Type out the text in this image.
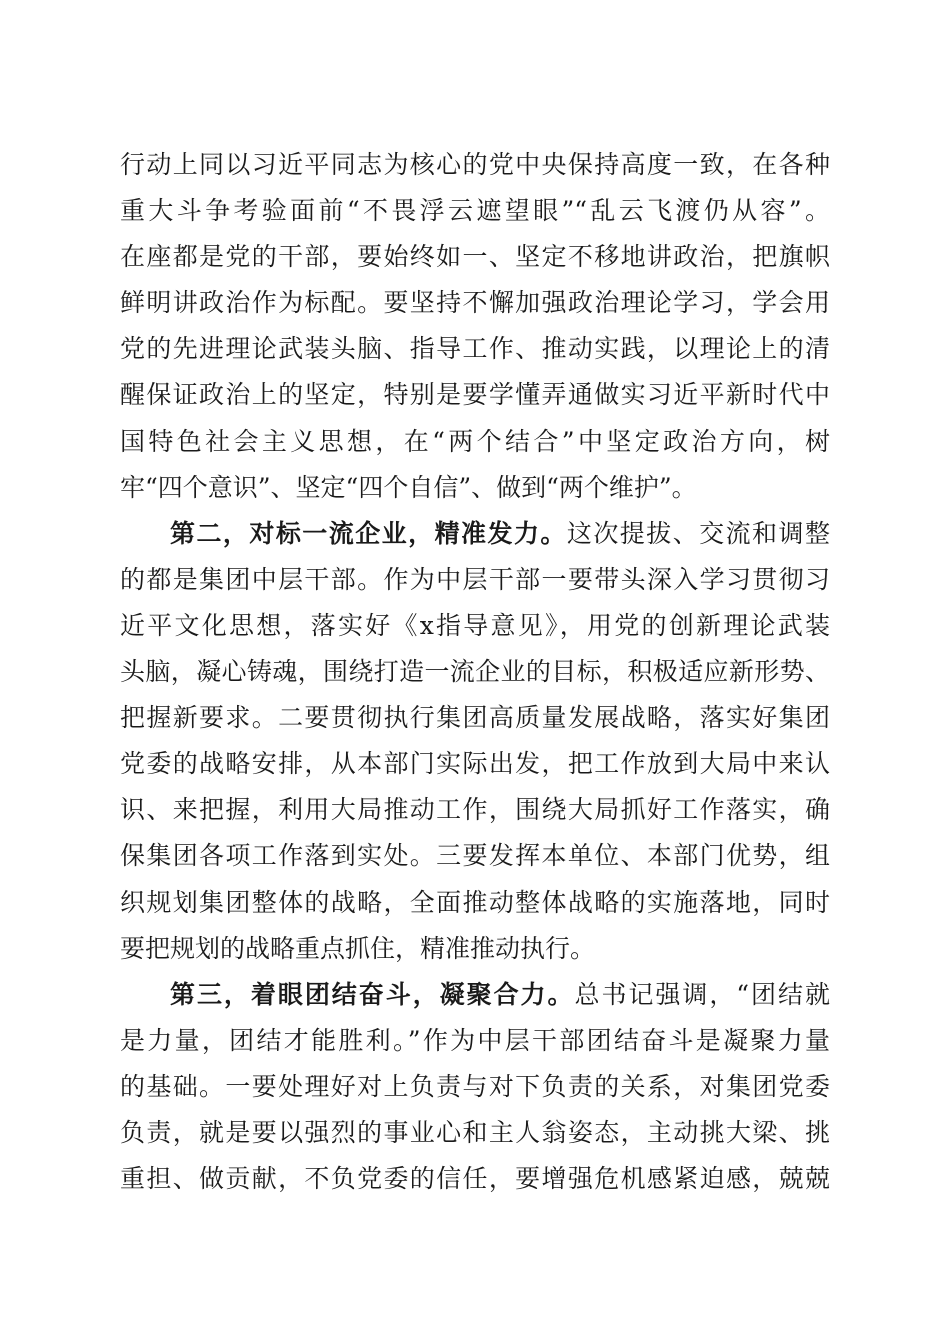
行动上同以习近平同志为核心的党中央保持高度一致，在各种
重大斗争考验面前“不畏浮云遮望眼”“乱云飞渡仍从容”。
在座都是党的干部，要始终如一、坚定不移地讲政治，把旗帜
鲜明讲政治作为标配。要坚持不懈加强政治理论学习，学会用
党的先进理论武装头脑、指导工作、推动实践，以理论上的清
醒保证政治上的坚定，特别是要学懂弄通做实习近平新时代中
国特色社会主义思想，在“两个结合”中坚定政治方向，树
牢“四个意识”、坚定“四个自信”、做到“两个维护”。
第二，对标一流企业，精准发力。这次提拔、交流和调整
的都是集团中层干部。作为中层干部一要带头深入学习贯彻习
近平文化思想，落实好《x指导意见》，用党的创新理论武装
头脑，凝心铸魂，围绕打造一流企业的目标，积极适应新形势、
把握新要求。二要贯彻执行集团高质量发展战略，落实好集团
党委的战略安排，从本部门实际出发，把工作放到大局中来认
识、来把握，利用大局推动工作，围绕大局抓好工作落实，确
保集团各项工作落到实处。三要发挥本单位、本部门优势，组
织规划集团整体的战略，全面推动整体战略的实施落地，同时
要把规划的战略重点抓住，精准推动执行。
第三，着眼团结奋斗，凝聚合力。总书记强调，“团结就
是力量，团结才能胜利。”作为中层干部团结奋斗是凝聚力量
的基础。一要处理好对上负责与对下负责的关系，对集团党委
负责，就是要以强烈的事业心和主人翁姿态，主动挑大梁、挑
重担、做贡献，不负党委的信任，要增强危机感紧迫感，兢兢
